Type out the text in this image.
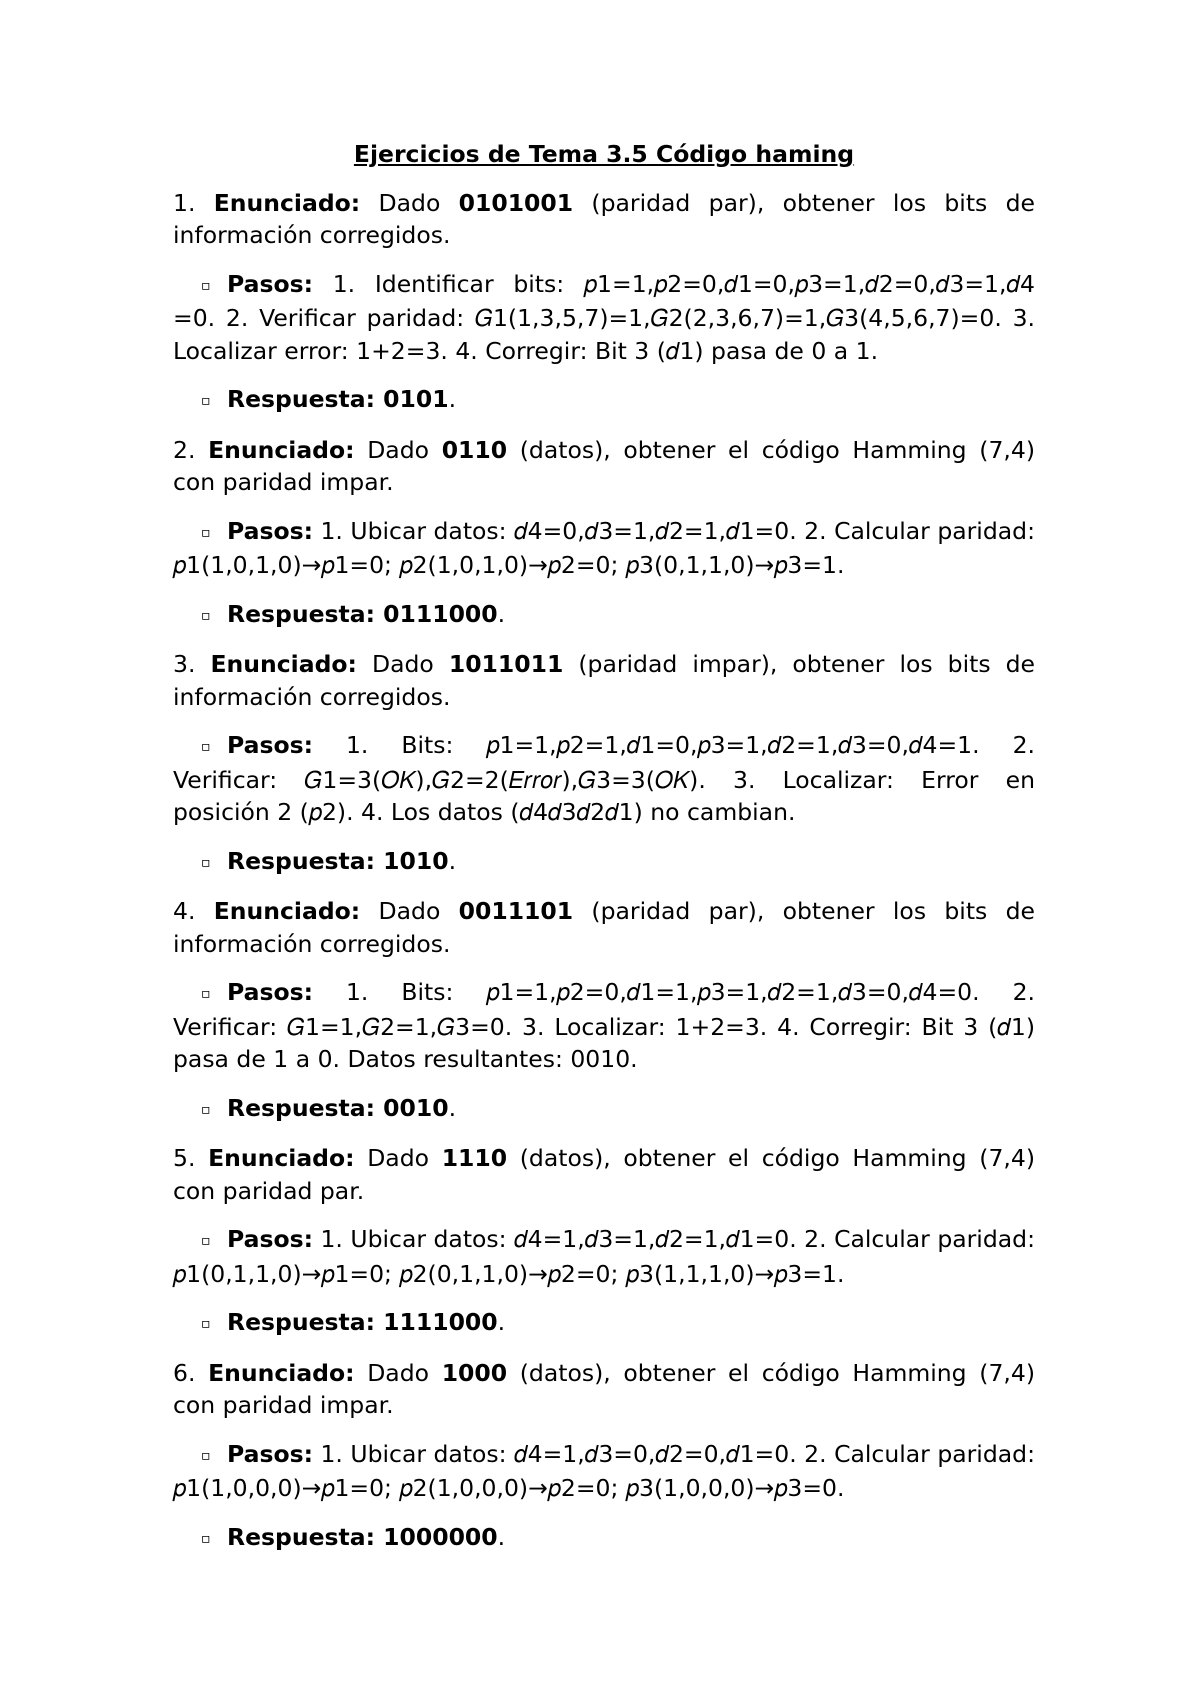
Ejercicios de Tema 3.5 Código haming
1. Enunciado: Dado 0101001 (paridad par), obtener los bits de información corregidos.
▫ Pasos: 1. Identificar bits: 𝑝1=1,𝑝2=0,𝑑1=0,𝑝3=1,𝑑2=0,𝑑3=1,𝑑4 =0. 2. Verificar paridad: 𝐺1(1,3,5,7)=1,𝐺2(2,3,6,7)=1,𝐺3(4,5,6,7)=0. 3. Localizar error: 1+2=3. 4. Corregir: Bit 3 (𝑑1) pasa de 0 a 1.
▫ Respuesta: 0101.
2. Enunciado: Dado 0110 (datos), obtener el código Hamming (7,4) con paridad impar.
▫ Pasos: 1. Ubicar datos: 𝑑4=0,𝑑3=1,𝑑2=1,𝑑1=0. 2. Calcular paridad: 𝑝1(1,0,1,0)→𝑝1=0; 𝑝2(1,0,1,0)→𝑝2=0; 𝑝3(0,1,1,0)→𝑝3=1.
▫ Respuesta: 0111000.
3. Enunciado: Dado 1011011 (paridad impar), obtener los bits de información corregidos.
▫ Pasos: 1. Bits: 𝑝1=1,𝑝2=1,𝑑1=0,𝑝3=1,𝑑2=1,𝑑3=0,𝑑4=1. 2. Verificar: 𝐺1=3(𝑂𝐾),𝐺2=2(𝐸𝑟𝑟𝑜𝑟),𝐺3=3(𝑂𝐾). 3. Localizar: Error en posición 2 (𝑝2). 4. Los datos (𝑑4𝑑3𝑑2𝑑1) no cambian.
▫ Respuesta: 1010.
4. Enunciado: Dado 0011101 (paridad par), obtener los bits de información corregidos.
▫ Pasos: 1. Bits: 𝑝1=1,𝑝2=0,𝑑1=1,𝑝3=1,𝑑2=1,𝑑3=0,𝑑4=0. 2. Verificar: 𝐺1=1,𝐺2=1,𝐺3=0. 3. Localizar: 1+2=3. 4. Corregir: Bit 3 (𝑑1) pasa de 1 a 0. Datos resultantes: 0010.
▫ Respuesta: 0010.
5. Enunciado: Dado 1110 (datos), obtener el código Hamming (7,4) con paridad par.
▫ Pasos: 1. Ubicar datos: 𝑑4=1,𝑑3=1,𝑑2=1,𝑑1=0. 2. Calcular paridad: 𝑝1(0,1,1,0)→𝑝1=0; 𝑝2(0,1,1,0)→𝑝2=0; 𝑝3(1,1,1,0)→𝑝3=1.
▫ Respuesta: 1111000.
6. Enunciado: Dado 1000 (datos), obtener el código Hamming (7,4) con paridad impar.
▫ Pasos: 1. Ubicar datos: 𝑑4=1,𝑑3=0,𝑑2=0,𝑑1=0. 2. Calcular paridad: 𝑝1(1,0,0,0)→𝑝1=0; 𝑝2(1,0,0,0)→𝑝2=0; 𝑝3(1,0,0,0)→𝑝3=0.
▫ Respuesta: 1000000.
